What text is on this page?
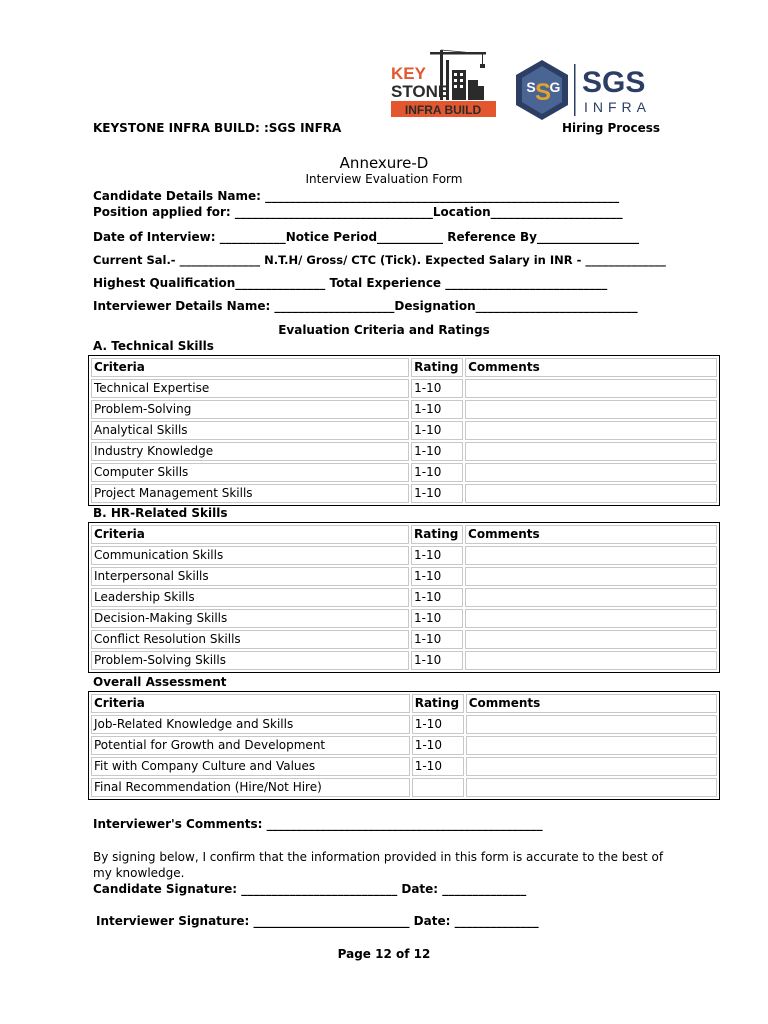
KEY
STONE
INFRA BUILD
S
S G SGS
INFRA
KEYSTONE INFRA BUILD: :SGS INFRA	Hiring Process
Annexure-D
Interview Evaluation Form
Candidate Details Name: ___________________________________________________________
Position applied for: _________________________________Location______________________
Date of Interview: ___________Notice Period___________ Reference By_________________
Current Sal.- ______________ N.T.H/ Gross/ CTC (Tick). Expected Salary in INR - ______________
Highest Qualification_______________ Total Experience ___________________________
Interviewer Details Name: ____________________Designation___________________________
Evaluation Criteria and Ratings
A. Technical Skills
Criteria	Rating	Comments
Technical Expertise	1-10	
Problem-Solving	1-10	
Analytical Skills	1-10	
Industry Knowledge	1-10	
Computer Skills	1-10	
Project Management Skills	1-10	
B. HR-Related Skills
Criteria	Rating	Comments
Communication Skills	1-10	
Interpersonal Skills	1-10	
Leadership Skills	1-10	
Decision-Making Skills	1-10	
Conflict Resolution Skills	1-10	
Problem-Solving Skills	1-10	
Overall Assessment
Criteria	Rating	Comments
Job-Related Knowledge and Skills	1-10	
Potential for Growth and Development	1-10	
Fit with Company Culture and Values	1-10	
Final Recommendation (Hire/Not Hire)		
Interviewer's Comments: ______________________________________________
By signing below, I confirm that the information provided in this form is accurate to the best of my knowledge.
Candidate Signature: __________________________ Date: ______________
Interviewer Signature: __________________________ Date: ______________
Page 12 of 12
